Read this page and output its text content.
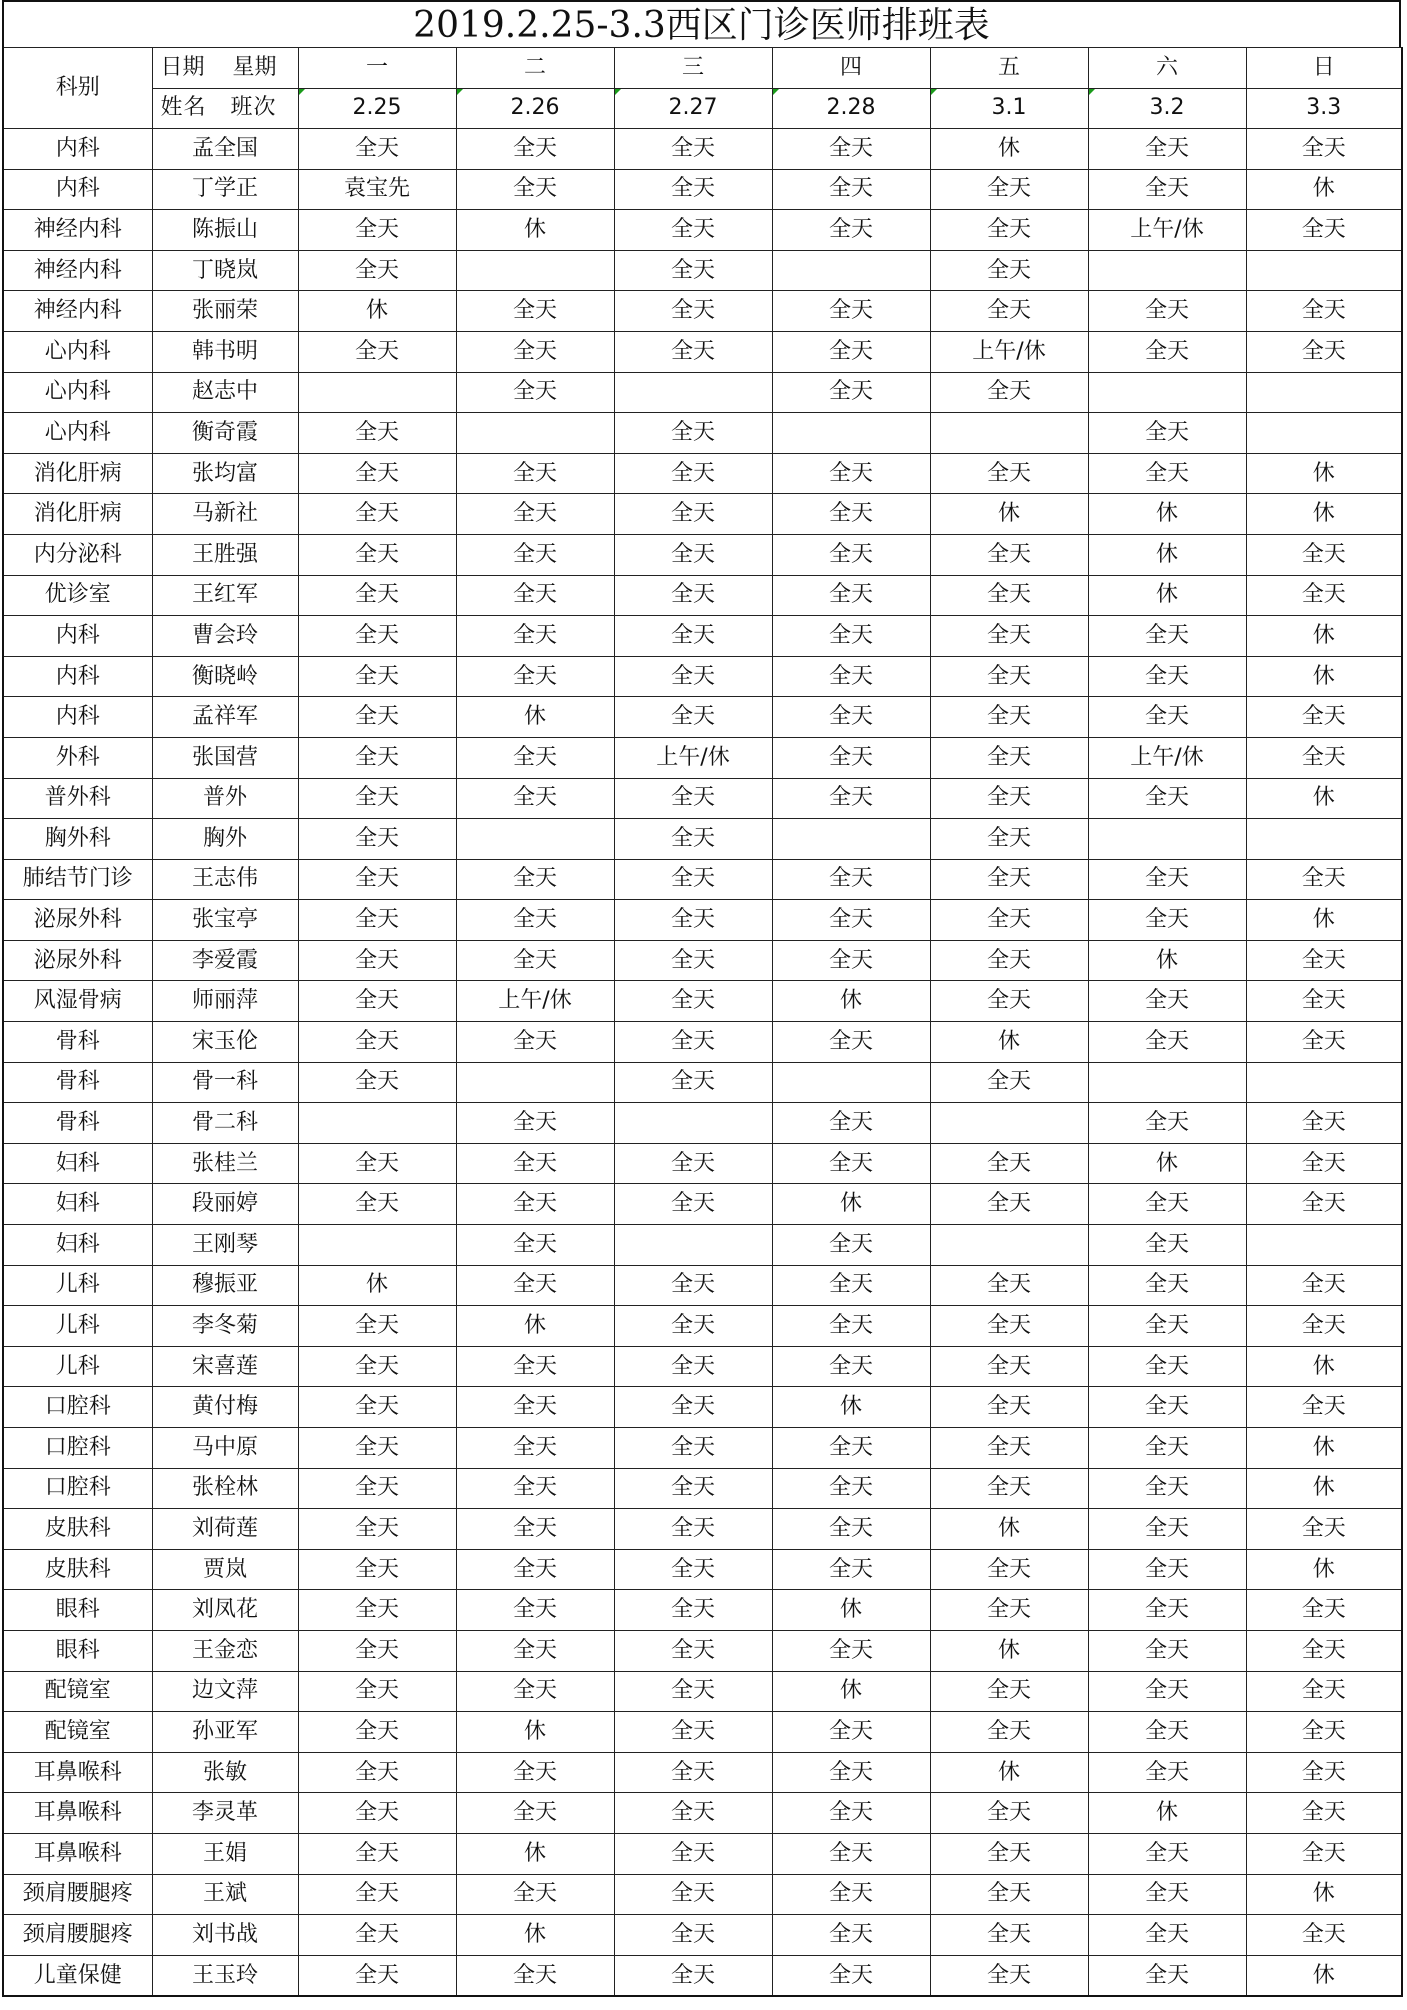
2019.2.25-3.3西区门诊医师排班表
科别	日期 星期	一	二	三	四	五	六	日
	姓名 班次	2.25	2.26	2.27	2.28	3.1	3.2	3.3
内科	孟全国	全天	全天	全天	全天	休	全天	全天
内科	丁学正	袁宝先	全天	全天	全天	全天	全天	休
神经内科	陈振山	全天	休	全天	全天	全天	上午/休	全天
神经内科	丁晓岚	全天		全天		全天		
神经内科	张丽荣	休	全天	全天	全天	全天	全天	全天
心内科	韩书明	全天	全天	全天	全天	上午/休	全天	全天
心内科	赵志中		全天		全天	全天		
心内科	衡奇霞	全天		全天			全天	
消化肝病	张均富	全天	全天	全天	全天	全天	全天	休
消化肝病	马新社	全天	全天	全天	全天	休	休	休
内分泌科	王胜强	全天	全天	全天	全天	全天	休	全天
优诊室	王红军	全天	全天	全天	全天	全天	休	全天
内科	曹会玲	全天	全天	全天	全天	全天	全天	休
内科	衡晓岭	全天	全天	全天	全天	全天	全天	休
内科	孟祥军	全天	休	全天	全天	全天	全天	全天
外科	张国营	全天	全天	上午/休	全天	全天	上午/休	全天
普外科	普外	全天	全天	全天	全天	全天	全天	休
胸外科	胸外	全天		全天		全天		
肺结节门诊	王志伟	全天	全天	全天	全天	全天	全天	全天
泌尿外科	张宝亭	全天	全天	全天	全天	全天	全天	休
泌尿外科	李爱霞	全天	全天	全天	全天	全天	休	全天
风湿骨病	师丽萍	全天	上午/休	全天	休	全天	全天	全天
骨科	宋玉伦	全天	全天	全天	全天	休	全天	全天
骨科	骨一科	全天		全天		全天		
骨科	骨二科		全天		全天		全天	全天
妇科	张桂兰	全天	全天	全天	全天	全天	休	全天
妇科	段丽婷	全天	全天	全天	休	全天	全天	全天
妇科	王刚琴		全天		全天		全天	
儿科	穆振亚	休	全天	全天	全天	全天	全天	全天
儿科	李冬菊	全天	休	全天	全天	全天	全天	全天
儿科	宋喜莲	全天	全天	全天	全天	全天	全天	休
口腔科	黄付梅	全天	全天	全天	休	全天	全天	全天
口腔科	马中原	全天	全天	全天	全天	全天	全天	休
口腔科	张栓林	全天	全天	全天	全天	全天	全天	休
皮肤科	刘荷莲	全天	全天	全天	全天	休	全天	全天
皮肤科	贾岚	全天	全天	全天	全天	全天	全天	休
眼科	刘凤花	全天	全天	全天	休	全天	全天	全天
眼科	王金恋	全天	全天	全天	全天	休	全天	全天
配镜室	边文萍	全天	全天	全天	休	全天	全天	全天
配镜室	孙亚军	全天	休	全天	全天	全天	全天	全天
耳鼻喉科	张敏	全天	全天	全天	全天	休	全天	全天
耳鼻喉科	李灵革	全天	全天	全天	全天	全天	休	全天
耳鼻喉科	王娟	全天	休	全天	全天	全天	全天	全天
颈肩腰腿疼	王斌	全天	全天	全天	全天	全天	全天	休
颈肩腰腿疼	刘书战	全天	休	全天	全天	全天	全天	全天
儿童保健	王玉玲	全天	全天	全天	全天	全天	全天	休
